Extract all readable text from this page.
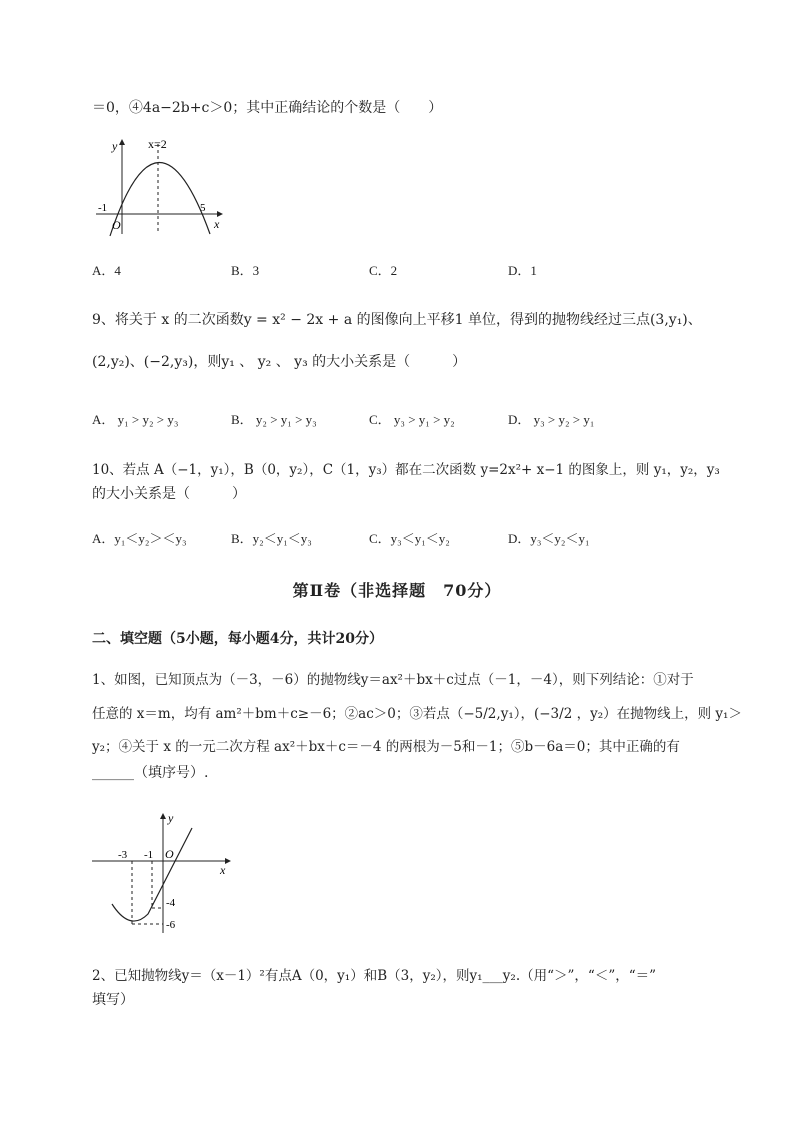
＝0，④4a−2b+c＞0；其中正确结论的个数是（　　）
x=2
y
-1	5
O	x
A．4	B．3	C．2	D．1
9、将关于 x 的二次函数y = x² − 2x + a 的图像向上平移1 单位，得到的抛物线经过三点(3,y₁)、
(2,y₂)、(−2,y₃)，则y₁ 、 y₂ 、 y₃ 的大小关系是（　　　）
A． y₁ > y₂ > y₃	B． y₂ > y₁ > y₃	C． y₃ > y₁ > y₂	D． y₃ > y₂ > y₁
10、若点 A（−1，y₁），B（0，y₂），C（1，y₃）都在二次函数 y=2x²+ x−1 的图象上，则 y₁，y₂，y₃
的大小关系是（　　　）
A．y₁＜y₂＞＜y₃	B．y₂＜y₁＜y₃	C．y₃＜y₁＜y₂	D．y₃＜y₂＜y₁
第Ⅱ卷（非选择题　70分）
二、填空题（5小题，每小题4分，共计20分）
1、如图，已知顶点为（－3，－6）的抛物线y＝ax²＋bx＋c过点（－1，－4），则下列结论：①对于
任意的 x＝m，均有 am²＋bm＋c≥－6；②ac＞0；③若点（−5/2,y₁），(−3/2 ，y₂）在抛物线上，则 y₁＞
y₂；④关于 x 的一元二次方程 ax²＋bx＋c＝－4 的两根为－5和－1；⑤b－6a＝0；其中正确的有
______（填序号）.
-3 -1 O
y
x
-4
-6
2、已知抛物线y＝（x－1）²有点A（0，y₁）和B（3，y₂），则y₁___y₂.（用“＞”，“＜”，“＝”
填写）
